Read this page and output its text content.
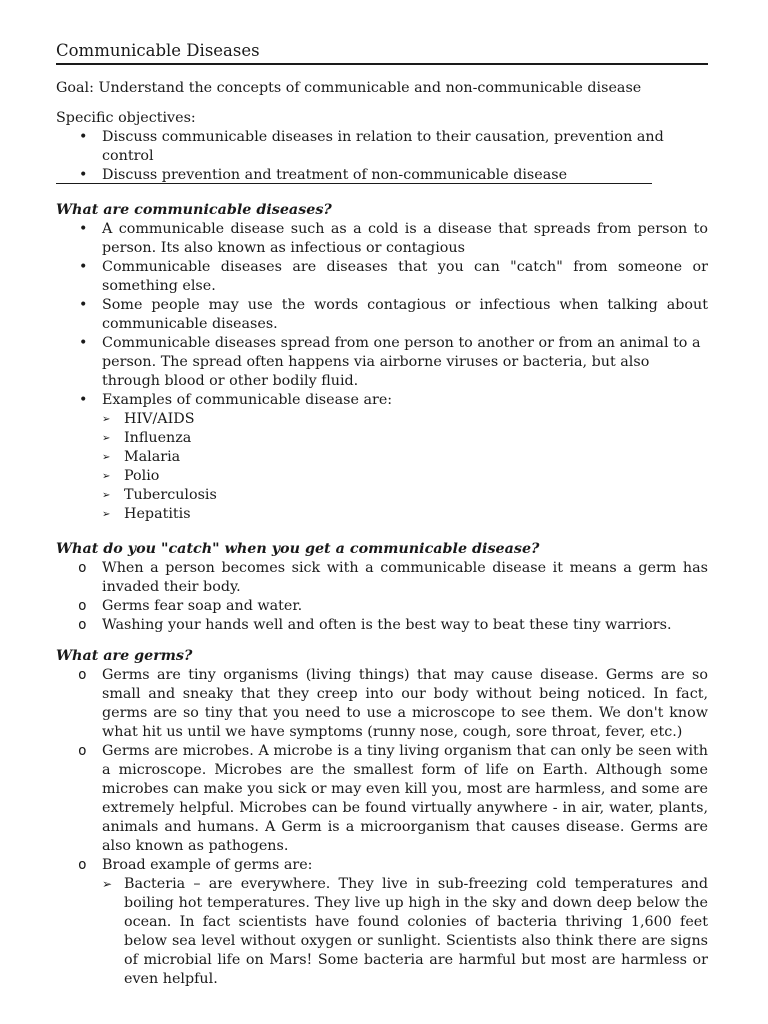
Communicable Diseases
Goal: Understand the concepts of communicable and non-communicable disease

Specific objectives:

• Discuss communicable diseases in relation to their causation, prevention and control
• Discuss prevention and treatment of non-communicable disease

What are communicable diseases?

• A communicable disease such as a cold is a disease that spreads from person to person. Its also known as infectious or contagious
• Communicable diseases are diseases that you can "catch" from someone or something else.
• Some people may use the words contagious or infectious when talking about communicable diseases.
• Communicable diseases spread from one person to another or from an animal to a person. The spread often happens via airborne viruses or bacteria, but also through blood or other bodily fluid.
• Examples of communicable disease are:
➢ HIV/AIDS
➢ Influenza
➢ Malaria
➢ Polio
➢ Tuberculosis
➢ Hepatitis

What do you "catch" when you get a communicable disease?

o When a person becomes sick with a communicable disease it means a germ has invaded their body.
o Germs fear soap and water.
o Washing your hands well and often is the best way to beat these tiny warriors.

What are germs?

o Germs are tiny organisms (living things) that may cause disease. Germs are so small and sneaky that they creep into our body without being noticed. In fact, germs are so tiny that you need to use a microscope to see them. We don't know what hit us until we have symptoms (runny nose, cough, sore throat, fever, etc.)
o Germs are microbes. A microbe is a tiny living organism that can only be seen with a microscope. Microbes are the smallest form of life on Earth. Although some microbes can make you sick or may even kill you, most are harmless, and some are extremely helpful. Microbes can be found virtually anywhere - in air, water, plants, animals and humans. A Germ is a microorganism that causes disease. Germs are also known as pathogens.
o Broad example of germs are:
➢ Bacteria – are everywhere. They live in sub-freezing cold temperatures and boiling hot temperatures. They live up high in the sky and down deep below the ocean. In fact scientists have found colonies of bacteria thriving 1,600 feet below sea level without oxygen or sunlight. Scientists also think there are signs of microbial life on Mars! Some bacteria are harmful but most are harmless or even helpful.
